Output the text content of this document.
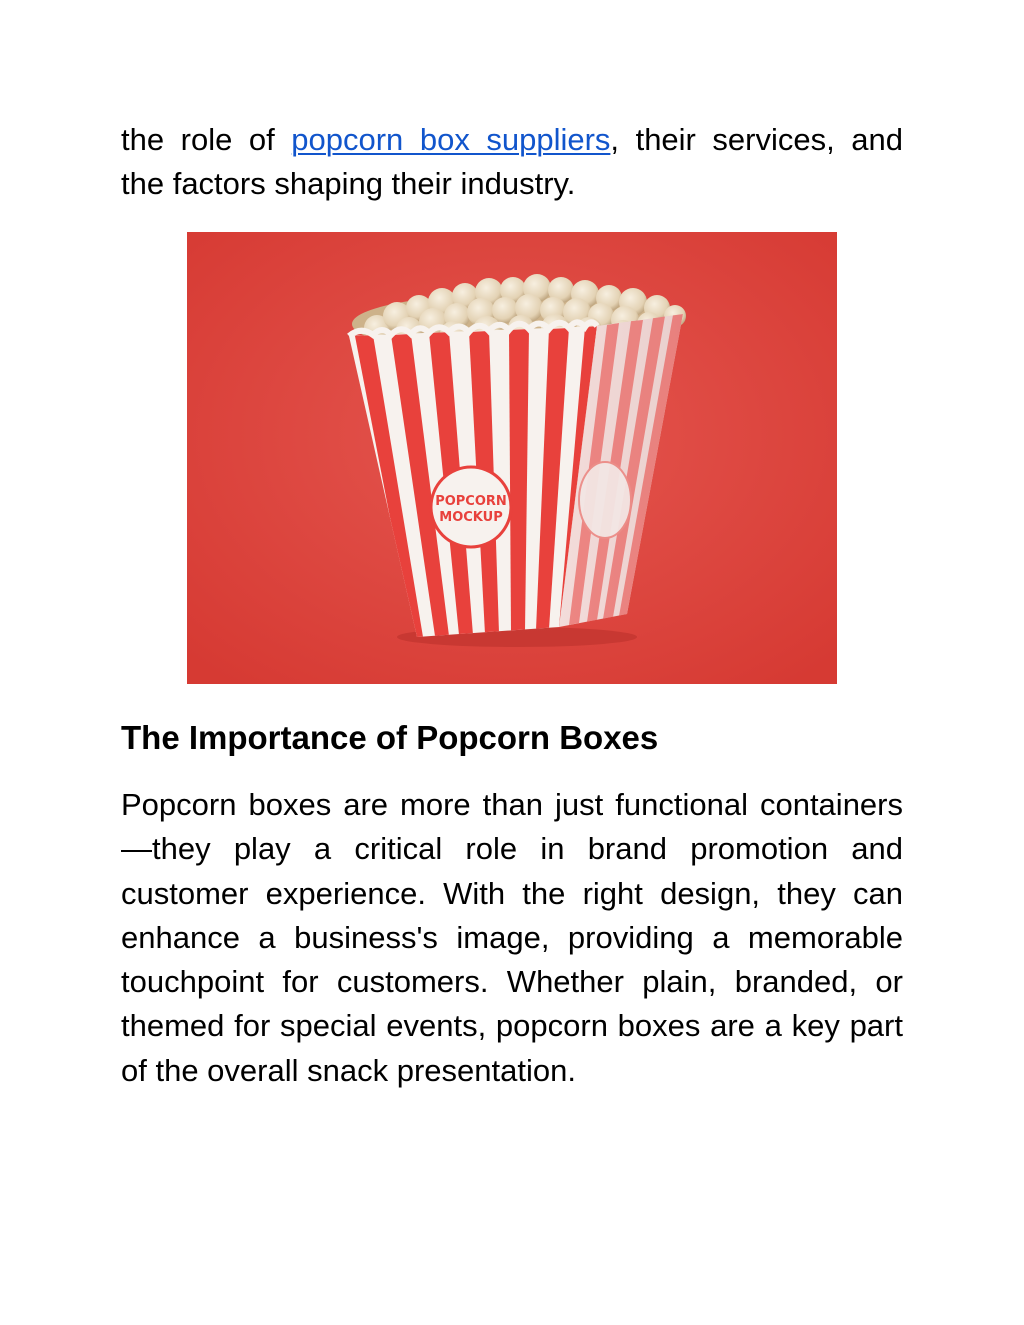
the role of popcorn box suppliers, their services, and
the factors shaping their industry.

POPCORN
MOCKUP
The Importance of Popcorn Boxes

Popcorn boxes are more than just functional containers—they play a critical role in brand promotion and customer experience. With the right design, they can enhance a business's image, providing a memorable touchpoint for customers. Whether plain, branded, or themed for special events, popcorn boxes are a key part of the overall snack presentation.
